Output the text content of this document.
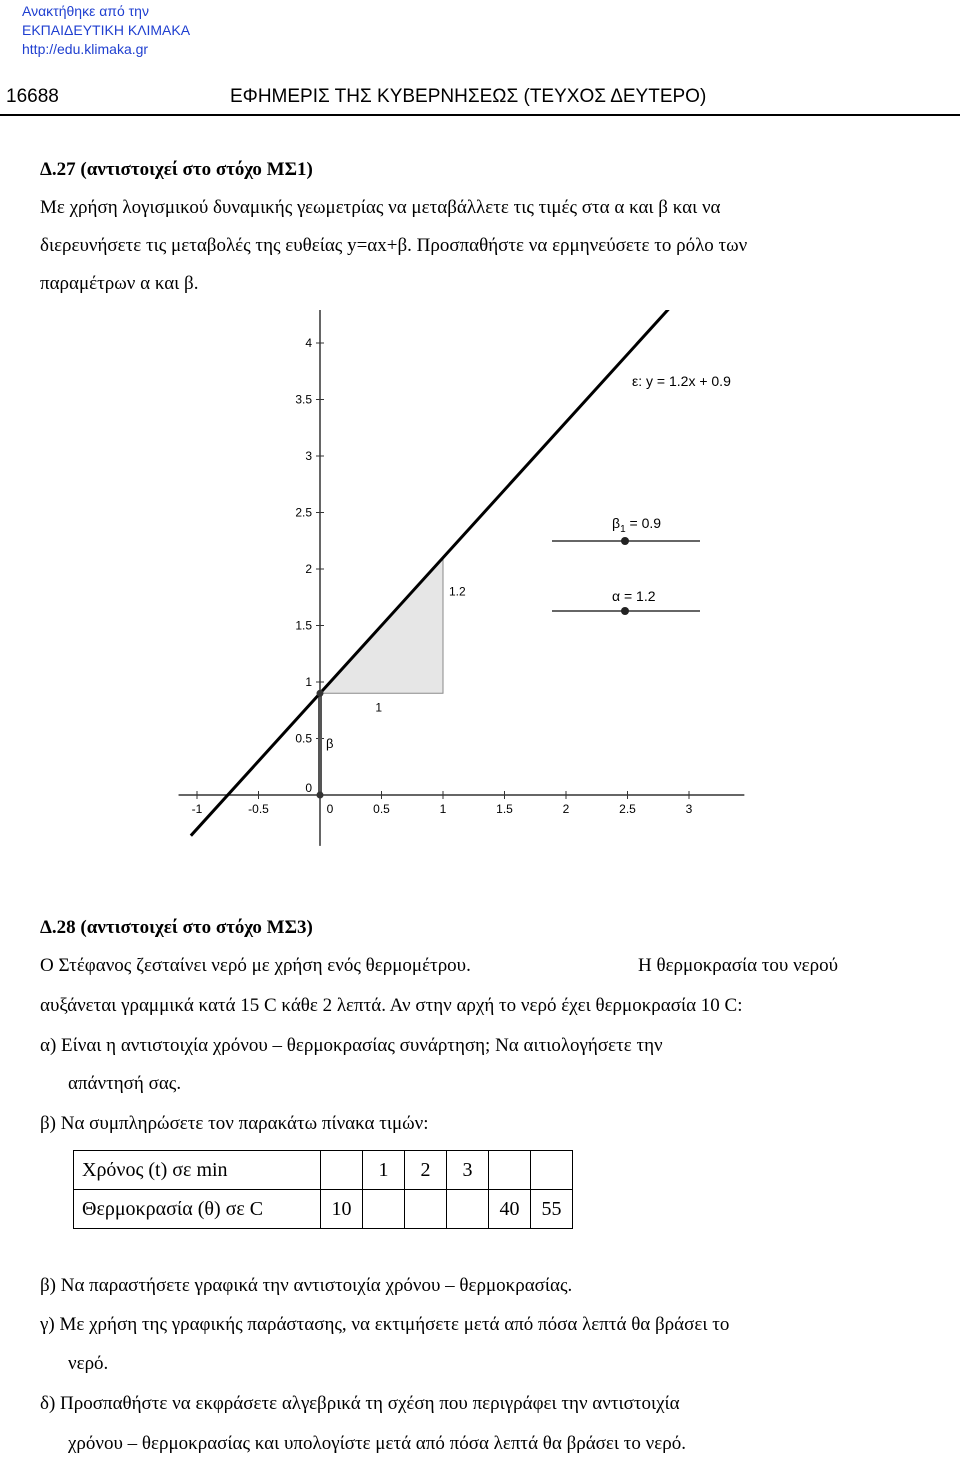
Ανακτήθηκε από την
ΕΚΠΑΙΔΕΥΤΙΚΗ ΚΛΙΜΑΚΑ
http://edu.klimaka.gr
16688	ΕΦΗΜΕΡΙΣ ΤΗΣ ΚΥΒΕΡΝΗΣΕΩΣ (ΤΕΥΧΟΣ ΔΕΥΤΕΡΟ)
Δ.27 (αντιστοιχεί στο στόχο ΜΣ1)
Με χρήση λογισμικού δυναμικής γεωμετρίας να μεταβάλλετε τις τιμές στα α και β και να
διερευνήσετε τις μεταβολές της ευθείας y=αx+β. Προσπαθήστε να ερμηνεύσετε το ρόλο των
παραμέτρων α και β.
-1	-0.5	0	0.5	1	1.5	2	2.5	3
0
0.5
1
1.5
2
2.5
3
3.5
4
ε: y = 1.2x + 0.9
$\beta_1 = 0.9$
α = 1.2
1
1.2
β
Δ.28 (αντιστοιχεί στο στόχο ΜΣ3)
Ο Στέφανος ζεσταίνει νερό με χρήση ενός θερμομέτρου.	Η θερμοκρασία του νερού
αυξάνεται γραμμικά κατά 15 C κάθε 2 λεπτά. Αν στην αρχή το νερό έχει θερμοκρασία 10 C:
α) Είναι η αντιστοιχία χρόνου – θερμοκρασίας συνάρτηση; Να αιτιολογήσετε την
απάντησή σας.
β) Να συμπληρώσετε τον παρακάτω πίνακα τιμών:
Χρόνος (t) σε min		1	2	3		
Θερμοκρασία (θ) σε C	10				40	55
β) Να παραστήσετε γραφικά την αντιστοιχία χρόνου – θερμοκρασίας.
γ) Με χρήση της γραφικής παράστασης, να εκτιμήσετε μετά από πόσα λεπτά θα βράσει το
νερό.
δ) Προσπαθήστε να εκφράσετε αλγεβρικά τη σχέση που περιγράφει την αντιστοιχία
χρόνου – θερμοκρασίας και υπολογίστε μετά από πόσα λεπτά θα βράσει το νερό.
